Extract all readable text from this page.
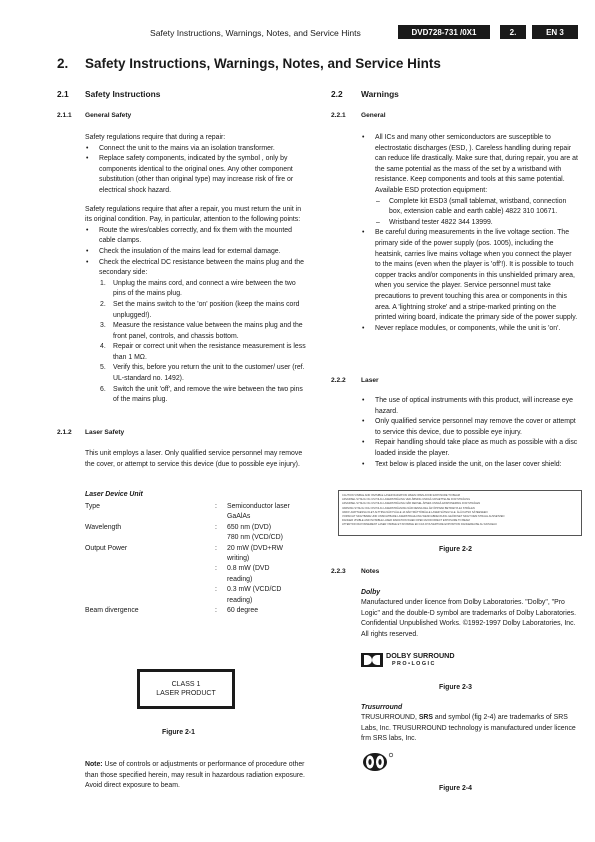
Safety Instructions, Warnings, Notes, and Service Hints	DVD728-731 /0X1	2.	EN 3
2. Safety Instructions, Warnings, Notes, and Service Hints
2.1 Safety Instructions
2.1.1 General Safety

Safety regulations require that during a repair:

• Connect the unit to the mains via an isolation transformer.
• Replace safety components, indicated by the symbol , only by components identical to the original ones. Any other component substitution (other than original type) may increase risk of fire or electrical shock hazard.

Safety regulations require that after a repair, you must return the unit in its original condition. Pay, in particular, attention to the following points:

• Route the wires/cables correctly, and fix them with the mounted cable clamps.
• Check the insulation of the mains lead for external damage.
• Check the electrical DC resistance between the mains plug and the secondary side:
1. Unplug the mains cord, and connect a wire between the two pins of the mains plug.
2. Set the mains switch to the 'on' position (keep the mains cord unplugged!).
3. Measure the resistance value between the mains plug and the front panel, controls, and chassis bottom.
4. Repair or correct unit when the resistance measurement is less than 1 MΩ.
5. Verify this, before you return the unit to the customer/ user (ref. UL-standard no. 1492).
6. Switch the unit 'off', and remove the wire between the two pins of the mains plug.
2.1.2 Laser Safety
This unit employs a laser. Only qualified service personnel may remove the cover, or attempt to service this device (due to possible eye injury).
Laser Device Unit
Type	:	Semiconductor laser
GaAlAs
Wavelength	:	650 nm (DVD)
780 nm (VCD/CD)
Output Power	:	20 mW (DVD+RW
writing)
:	0.8 mW (DVD
reading)
:	0.3 mW (VCD/CD
reading)
Beam divergence	:	60 degree
CLASS 1
LASER PRODUCT
Figure 2-1
Note: Use of controls or adjustments or performance of procedure other than those specified herein, may result in hazardous radiation exposure. Avoid direct exposure to beam.
2.2 Warnings
2.2.1 General
• All ICs and many other semiconductors are susceptible to electrostatic discharges (ESD, ). Careless handling during repair can reduce life drastically. Make sure that, during repair, you are at the same potential as the mass of the set by a wristband with resistance. Keep components and tools at this same potential. Available ESD protection equipment:
– Complete kit ESD3 (small tablemat, wristband, connection box, extension cable and earth cable) 4822 310 10671.
– Wristband tester 4822 344 13999.
• Be careful during measurements in the live voltage section. The primary side of the power supply (pos. 1005), including the heatsink, carries live mains voltage when you connect the player to the mains (even when the player is 'off'!). It is possible to touch copper tracks and/or components in this unshielded primary area, when you service the player. Service personnel must take precautions to prevent touching this area or components in this area. A 'lightning stroke' and a stripe-marked printing on the printed wiring board, indicate the primary side of the power supply.
• Never replace modules, or components, while the unit is 'on'.
2.2.2 Laser
• The use of optical instruments with this product, will increase eye hazard.
• Only qualified service personnel may remove the cover or attempt to service this device, due to possible eye injury.
• Repair handling should take place as much as possible with a disc loaded inside the player.
• Text below is placed inside the unit, on the laser cover shield:
CAUTION VISIBLE AND INVISIBLE LASER RADIATION WHEN OPEN AVOID EXPOSURE TO BEAM
ADVARSEL SYNLIG OG USYNLIG LASERSTRÅLING VED ÅBNING UNDGÅ UDSÆTTELSE FOR STRÅLING
ADVARSEL SYNLIG OG USYNLIG LASERSTRÅLING NÅR DEKSEL ÅPNES UNNGÅ EKSPONERING FOR STRÅLEN
VARNING SYNLIG OCH OSYNLIG LASERSTRÅLNING NÄR DENNA DEL ÄR ÖPPNAD BETRAKTA EJ STRÅLEN
VARO! AVATTAESSA OLET ALTTIINA NÄKYVÄLLE JA NÄKYMÄTTÖMÄLLE LASER SÄTEILYLLE. ÄLÄ KATSO SÄTEESEEN
VORSICHT SICHTBARE UND UNSICHTBARE LASERSTRAHLUNG WENN ABDECKUNG GEÖFFNET NICHT DEM STRAHL AUSSETZEN
DANGER VISIBLE AND INVISIBLE LASER RADIATION WHEN OPEN AVOID DIRECT EXPOSURE TO BEAM
ATTENTION RAYONNEMENT LASER VISIBLE ET INVISIBLE EN CAS D'OUVERTURE EXPOSITION DANGEREUSE AU FAISCEAU
Figure 2-2
2.2.3 Notes
Dolby
Manufactured under licence from Dolby Laboratories. "Dolby", "Pro Logic" and the double-D symbol are trademarks of Dolby Laboratories. Confidential Unpublished Works. ©1992-1997 Dolby Laboratories, Inc. All rights reserved.
DOLBY SURROUND
P R O • L O G I C
Figure 2-3
Trusurround
TRUSURROUND, SRS and symbol (fig 2-4) are trademarks of SRS Labs, Inc. TRUSURROUND technology is manufactured under licence frm SRS labs, Inc.
Figure 2-4
